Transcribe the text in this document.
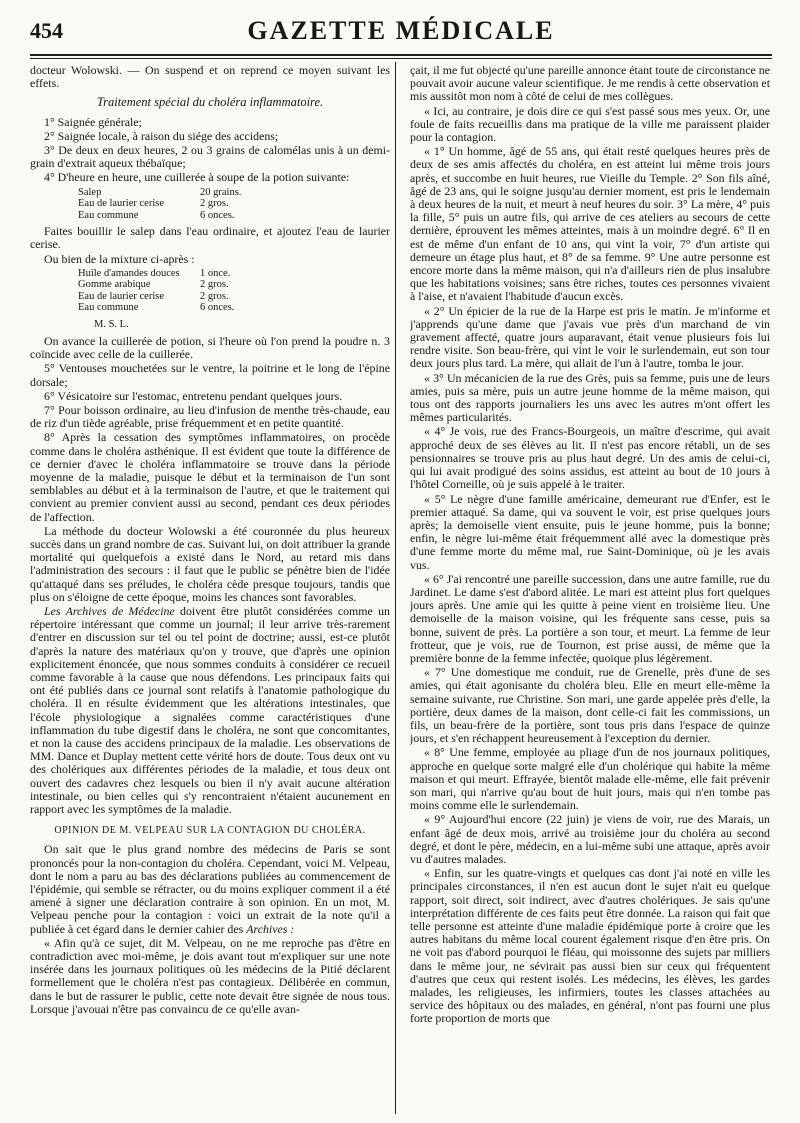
454	GAZETTE MÉDICALE

docteur Wolowski. — On suspend et on reprend ce moyen suivant les effets.

Traitement spécial du choléra inflammatoire.

1° Saignée générale;

2° Saignée locale, à raison du siége des accidens;

3° De deux en deux heures, 2 ou 3 grains de calomélas unis à un demi-grain d'extrait aqueux thébaïque;

4° D'heure en heure, une cuillerée à soupe de la potion suivante:

Salep	20 grains.
Eau de laurier cerise	2 gros.
Eau commune	6 onces.

Faites bouillir le salep dans l'eau ordinaire, et ajoutez l'eau de laurier cerise.

Ou bien de la mixture ci-après :

Huile d'amandes douces	1 once.
Gomme arabique	2 gros.
Eau de laurier cerise	2 gros.
Eau commune	6 onces.
M. S. L.

On avance la cuillerée de potion, si l'heure où l'on prend la poudre n. 3 coïncide avec celle de la cuillerée.

5° Ventouses mouchetées sur le ventre, la poitrine et le long de l'épine dorsale;

6° Vésicatoire sur l'estomac, entretenu pendant quelques jours.

7° Pour boisson ordinaire, au lieu d'infusion de menthe très-chaude, eau de riz d'un tiède agréable, prise fréquemment et en petite quantité.

8° Après la cessation des symptômes inflammatoires, on procède comme dans le choléra asthénique. Il est évident que toute la différence de ce dernier d'avec le choléra inflammatoire se trouve dans la période moyenne de la maladie, puisque le début et la terminaison de l'un sont semblables au début et à la terminaison de l'autre, et que le traitement qui convient au premier convient aussi au second, pendant ces deux périodes de l'affection.

La méthode du docteur Wolowski a été couronnée du plus heureux succès dans un grand nombre de cas. Suivant lui, on doit attribuer la grande mortalité qui quelquefois a existé dans le Nord, au retard mis dans l'administration des secours : il faut que le public se pénètre bien de l'idée qu'attaqué dans ses préludes, le choléra cède presque toujours, tandis que plus on s'éloigne de cette époque, moins les chances sont favorables.

Les Archives de Médecine doivent être plutôt considérées comme un répertoire intéressant que comme un journal; il leur arrive très-rarement d'entrer en discussion sur tel ou tel point de doctrine; aussi, est-ce plutôt d'après la nature des matériaux qu'on y trouve, que d'après une opinion explicitement énoncée, que nous sommes conduits à considérer ce recueil comme favorable à la cause que nous défendons. Les principaux faits qui ont été publiés dans ce journal sont relatifs à l'anatomie pathologique du choléra. Il en résulte évidemment que les altérations intestinales, que l'école physiologique a signalées comme caractéristiques d'une inflammation du tube digestif dans le choléra, ne sont que concomitantes, et non la cause des accidens principaux de la maladie. Les observations de MM. Dance et Duplay mettent cette vérité hors de doute. Tous deux ont vu des cholériques aux différentes périodes de la maladie, et tous deux ont ouvert des cadavres chez lesquels ou bien il n'y avait aucune altération intestinale, ou bien celles qui s'y rencontraient n'étaient aucunement en rapport avec les symptômes de la maladie.

OPINION DE M. VELPEAU SUR LA CONTAGION DU CHOLÉRA.

On sait que le plus grand nombre des médecins de Paris se sont prononcés pour la non-contagion du choléra. Cependant, voici M. Velpeau, dont le nom a paru au bas des déclarations publiées au commencement de l'épidémie, qui semble se rétracter, ou du moins expliquer comment il a été amené à signer une déclaration contraire à son opinion. En un mot, M. Velpeau penche pour la contagion : voici un extrait de la note qu'il a publiée à cet égard dans le dernier cahier des Archives :

« Afin qu'à ce sujet, dit M. Velpeau, on ne me reproche pas d'être en contradiction avec moi-même, je dois avant tout m'expliquer sur une note insérée dans les journaux politiques où les médecins de la Pitié déclarent formellement que le choléra n'est pas contagieux. Délibérée en commun, dans le but de rassurer le public, cette note devait être signée de nous tous. Lorsque j'avouai n'être pas convaincu de ce qu'elle avan-

çait, il me fut objecté qu'une pareille annonce étant toute de circonstance ne pouvait avoir aucune valeur scientifique. Je me rendis à cette observation et mis aussitôt mon nom à côté de celui de mes collègues.

« Ici, au contraire, je dois dire ce qui s'est passé sous mes yeux. Or, une foule de faits recueillis dans ma pratique de la ville me paraissent plaider pour la contagion.

« 1° Un homme, âgé de 55 ans, qui était resté quelques heures près de deux de ses amis affectés du choléra, en est atteint lui même trois jours après, et succombe en huit heures, rue Vieille du Temple. 2° Son fils aîné, âgé de 23 ans, qui le soigne jusqu'au dernier moment, est pris le lendemain à deux heures de la nuit, et meurt à neuf heures du soir. 3° La mère, 4° puis la fille, 5° puis un autre fils, qui arrive de ces ateliers au secours de cette dernière, éprouvent les mêmes atteintes, mais à un moindre degré. 6° Il en est de même d'un enfant de 10 ans, qui vint la voir, 7° d'un artiste qui demeure un étage plus haut, et 8° de sa femme. 9° Une autre personne est encore morte dans la même maison, qui n'a d'ailleurs rien de plus insalubre que les habitations voisines; sans être riches, toutes ces personnes vivaient à l'aise, et n'avaient l'habitude d'aucun excès.

« 2° Un épicier de la rue de la Harpe est pris le matin. Je m'informe et j'apprends qu'une dame que j'avais vue près d'un marchand de vin gravement affecté, quatre jours auparavant, était venue plusieurs fois lui rendre visite. Son beau-frère, qui vint le voir le surlendemain, eut son tour deux jours plus tard. La mère, qui allait de l'un à l'autre, tomba le jour.

« 3° Un mécanicien de la rue des Grès, puis sa femme, puis une de leurs amies, puis sa mère, puis un autre jeune homme de la même maison, qui tous ont des rapports journaliers les uns avec les autres m'ont offert les mêmes particularités.

« 4° Je vois, rue des Francs-Bourgeois, un maître d'escrime, qui avait approché deux de ses élèves au lit. Il n'est pas encore rétabli, un de ses pensionnaires se trouve pris au plus haut degré. Un des amis de celui-ci, qui lui avait prodigué des soins assidus, est atteint au bout de 10 jours à l'hôtel Corneille, où je suis appelé à le traiter.

« 5° Le nègre d'une famille américaine, demeurant rue d'Enfer, est le premier attaqué. Sa dame, qui va souvent le voir, est prise quelques jours après; la demoiselle vient ensuite, puis le jeune homme, puis la bonne; enfin, le nègre lui-même était fréquemment allé avec la domestique près d'une femme morte du même mal, rue Saint-Dominique, où je les avais vus.

« 6° J'ai rencontré une pareille succession, dans une autre famille, rue du Jardinet. Le dame s'est d'abord alitée. Le mari est atteint plus fort quelques jours après. Une amie qui les quitte à peine vient en troisième lieu. Une demoiselle de la maison voisine, qui les fréquente sans cesse, puis sa bonne, suivent de près. La portière a son tour, et meurt. La femme de leur frotteur, que je vois, rue de Tournon, est prise aussi, de même que la première bonne de la femme infectée, quoique plus légèrement.

« 7° Une domestique me conduit, rue de Grenelle, près d'une de ses amies, qui était agonisante du choléra bleu. Elle en meurt elle-même la semaine suivante, rue Christine. Son mari, une garde appelée près d'elle, la portière, deux dames de la maison, dont celle-ci fait les commissions, un fils, un beau-frère de la portière, sont tous pris dans l'espace de quinze jours, et s'en réchappent heureusement à l'exception du dernier.

« 8° Une femme, employée au pliage d'un de nos journaux politiques, approche en quelque sorte malgré elle d'un cholérique qui habite la même maison et qui meurt. Effrayée, bientôt malade elle-même, elle fait prévenir son mari, qui n'arrive qu'au bout de huit jours, mais qui n'en tombe pas moins comme elle le surlendemain.

« 9° Aujourd'hui encore (22 juin) je viens de voir, rue des Marais, un enfant âgé de deux mois, arrivé au troisième jour du choléra au second degré, et dont le père, médecin, en a lui-même subi une attaque, après avoir vu d'autres malades.

« Enfin, sur les quatre-vingts et quelques cas dont j'ai noté en ville les principales circonstances, il n'en est aucun dont le sujet n'ait eu quelque rapport, soit direct, soit indirect, avec d'autres cholériques. Je sais qu'une interprétation différente de ces faits peut être donnée. La raison qui fait que telle personne est atteinte d'une maladie épidémique porte à croire que les autres habitans du même local courent également risque d'en être pris. On ne voit pas d'abord pourquoi le fléau, qui moissonne des sujets par milliers dans le même jour, ne sévirait pas aussi bien sur ceux qui fréquentent d'autres que ceux qui restent isolés. Les médecins, les élèves, les gardes malades, les religieuses, les infirmiers, toutes les classes attachées au service des hôpitaux ou des malades, en général, n'ont pas fourni une plus forte proportion de morts que
